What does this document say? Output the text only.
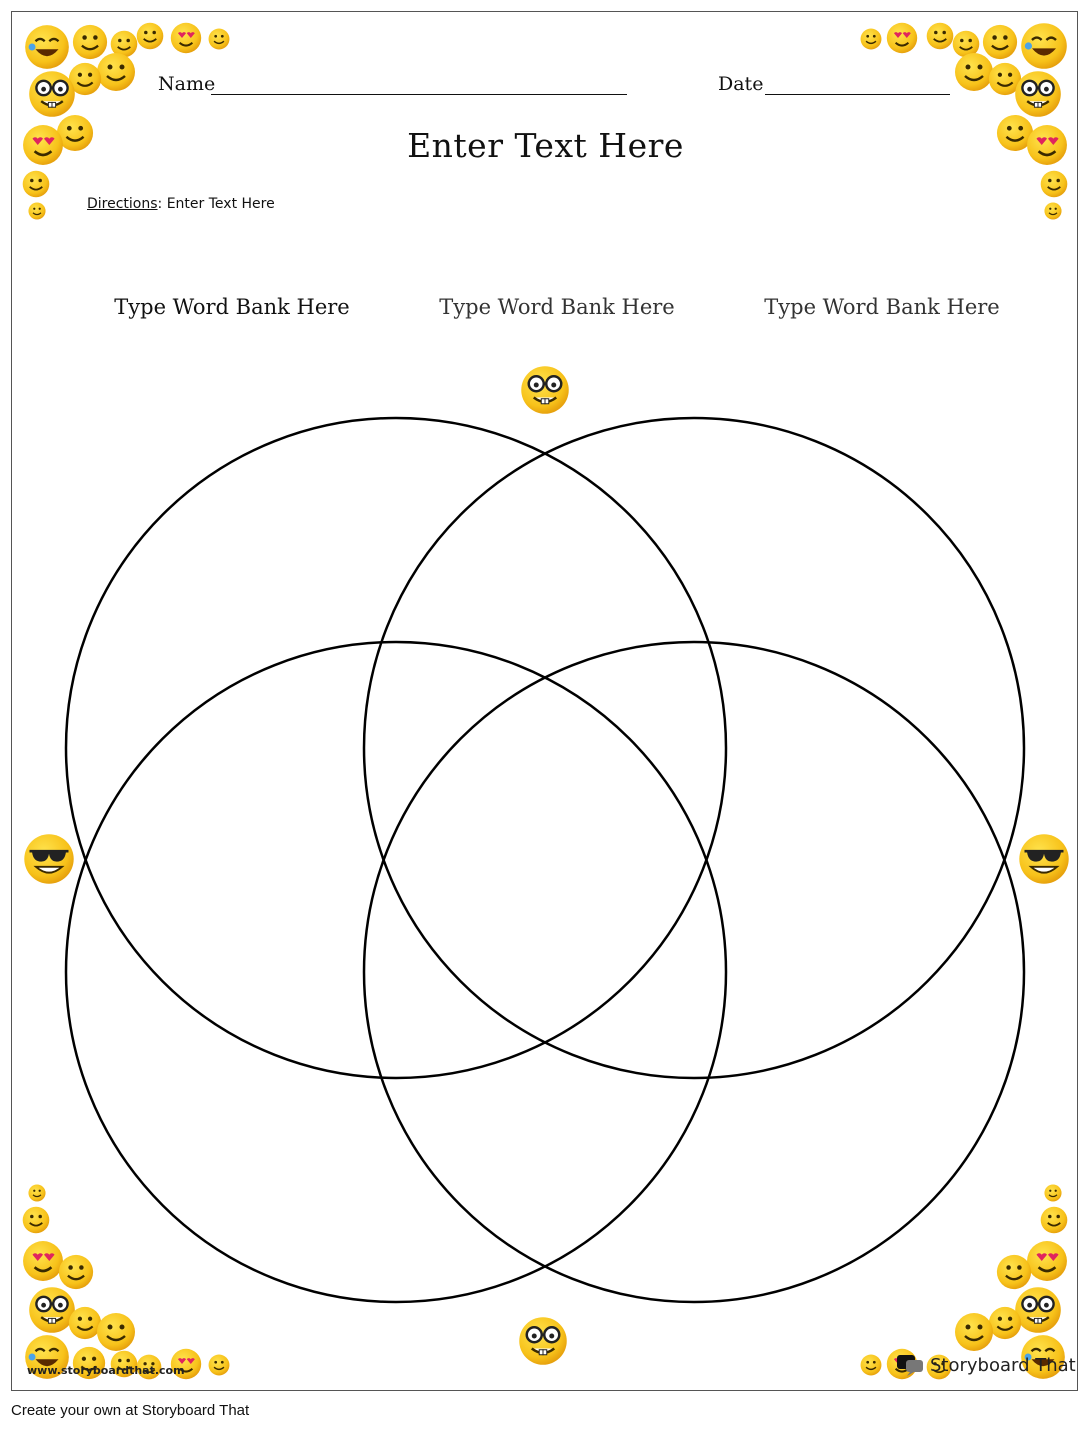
Name	Date
Enter Text Here
Directions: Enter Text Here
Type Word Bank Here	Type Word Bank Here	Type Word Bank Here
www.storyboardthat.com	Storyboard That
Create your own at Storyboard That
